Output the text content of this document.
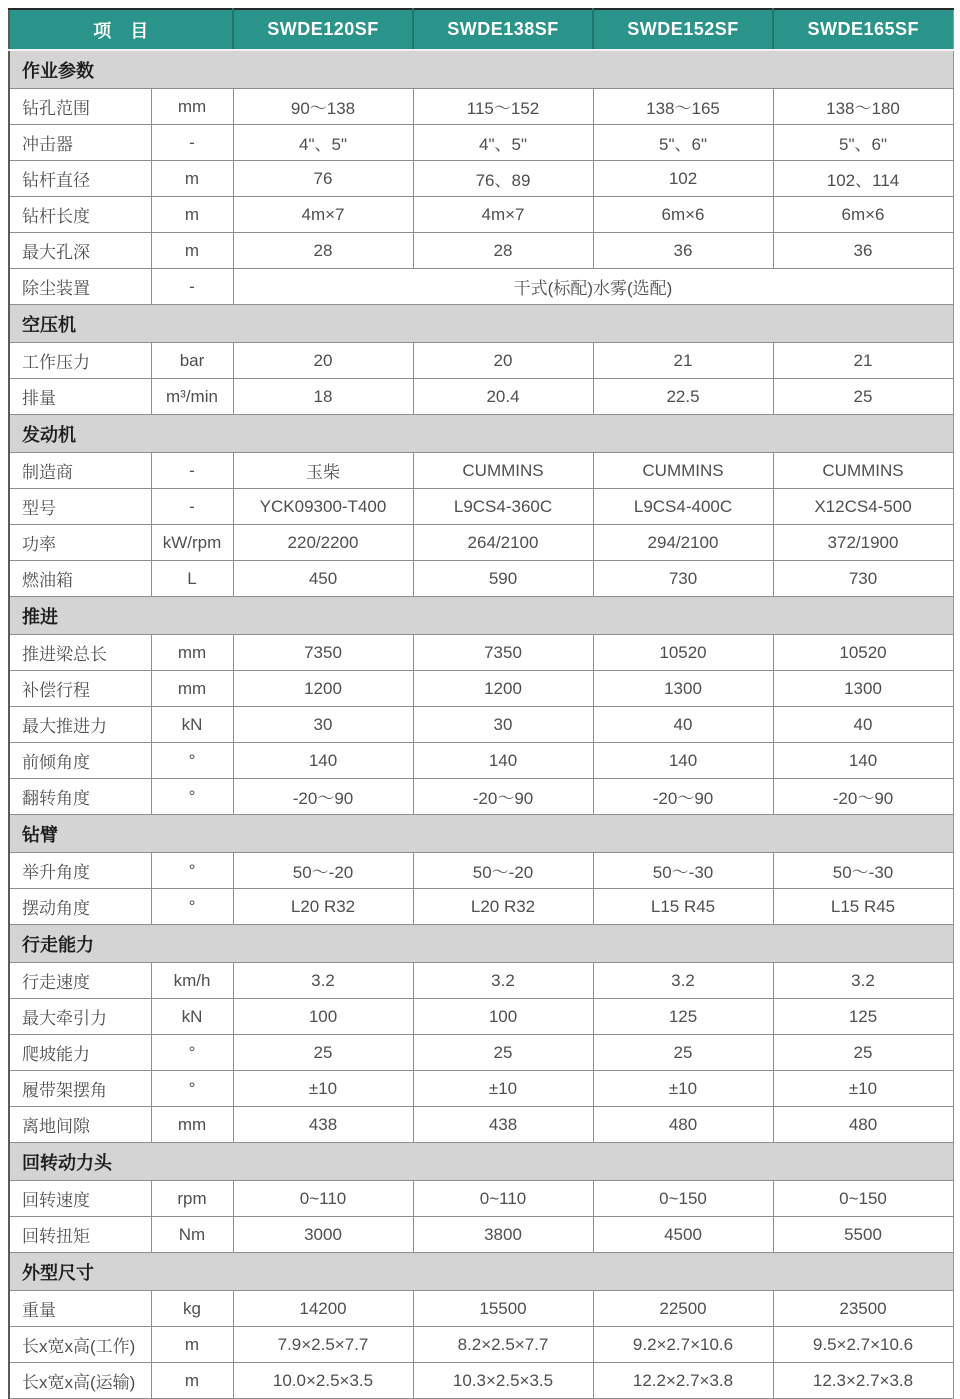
项　目		SWDE120SF	SWDE138SF	SWDE152SF	SWDE165SF
作业参数					
钻孔范围	mm	90～138	115～152	138～165	138～180
冲击器	-	4"、5"	4"、5"	5"、6"	5"、6"
钻杆直径	m	76	76、89	102	102、114
钻杆长度	m	4m×7	4m×7	6m×6	6m×6
最大孔深	m	28	28	36	36
除尘装置	-	干式(标配)水雾(选配)			
空压机					
工作压力	bar	20	20	21	21
排量	m³/min	18	20.4	22.5	25
发动机					
制造商	-	玉柴	CUMMINS	CUMMINS	CUMMINS
型号	-	YCK09300-T400	L9CS4-360C	L9CS4-400C	X12CS4-500
功率	kW/rpm	220/2200	264/2100	294/2100	372/1900
燃油箱	L	450	590	730	730
推进					
推进梁总长	mm	7350	7350	10520	10520
补偿行程	mm	1200	1200	1300	1300
最大推进力	kN	30	30	40	40
前倾角度	°	140	140	140	140
翻转角度	°	-20～90	-20～90	-20～90	-20～90
钻臂					
举升角度	°	50～-20	50～-20	50～-30	50～-30
摆动角度	°	L20 R32	L20 R32	L15 R45	L15 R45
行走能力					
行走速度	km/h	3.2	3.2	3.2	3.2
最大牵引力	kN	100	100	125	125
爬坡能力	°	25	25	25	25
履带架摆角	°	±10	±10	±10	±10
离地间隙	mm	438	438	480	480
回转动力头					
回转速度	rpm	0~110	0~110	0~150	0~150
回转扭矩	Nm	3000	3800	4500	5500
外型尺寸					
重量	kg	14200	15500	22500	23500
长x宽x高(工作)	m	7.9×2.5×7.7	8.2×2.5×7.7	9.2×2.7×10.6	9.5×2.7×10.6
长x宽x高(运输)	m	10.0×2.5×3.5	10.3×2.5×3.5	12.2×2.7×3.8	12.3×2.7×3.8
